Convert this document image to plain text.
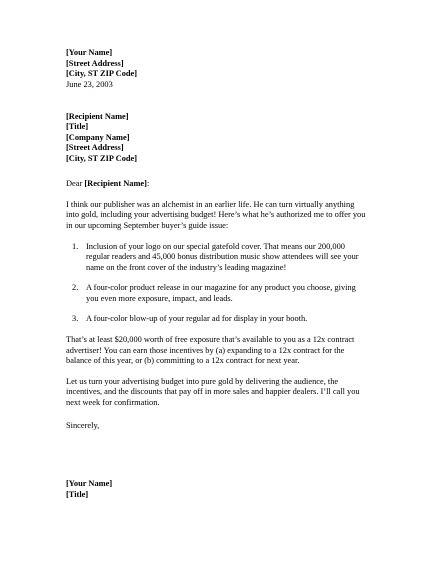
[Your Name]
[Street Address]
[City, ST ZIP Code]
June 23, 2003
[Recipient Name]
[Title]
[Company Name]
[Street Address]
[City, ST ZIP Code]

Dear [Recipient Name]:

I think our publisher was an alchemist in an earlier life. He can turn virtually anything
into gold, including your advertising budget! Here’s what he’s authorized me to offer you
in our upcoming September buyer’s guide issue:

1. Inclusion of your logo on our special gatefold cover. That means our 200,000
regular readers and 45,000 bonus distribution music show attendees will see your
name on the front cover of the industry’s leading magazine!
2. A four-color product release in our magazine for any product you choose, giving
you even more exposure, impact, and leads.
3. A four-color blow-up of your regular ad for display in your booth.

That’s at least $20,000 worth of free exposure that’s available to you as a 12x contract
advertiser! You can earn those incentives by (a) expanding to a 12x contract for the
balance of this year, or (b) committing to a 12x contract for next year.

Let us turn your advertising budget into pure gold by delivering the audience, the
incentives, and the discounts that pay off in more sales and happier dealers. I’ll call you
next week for confirmation.

Sincerely,

[Your Name]
[Title]
